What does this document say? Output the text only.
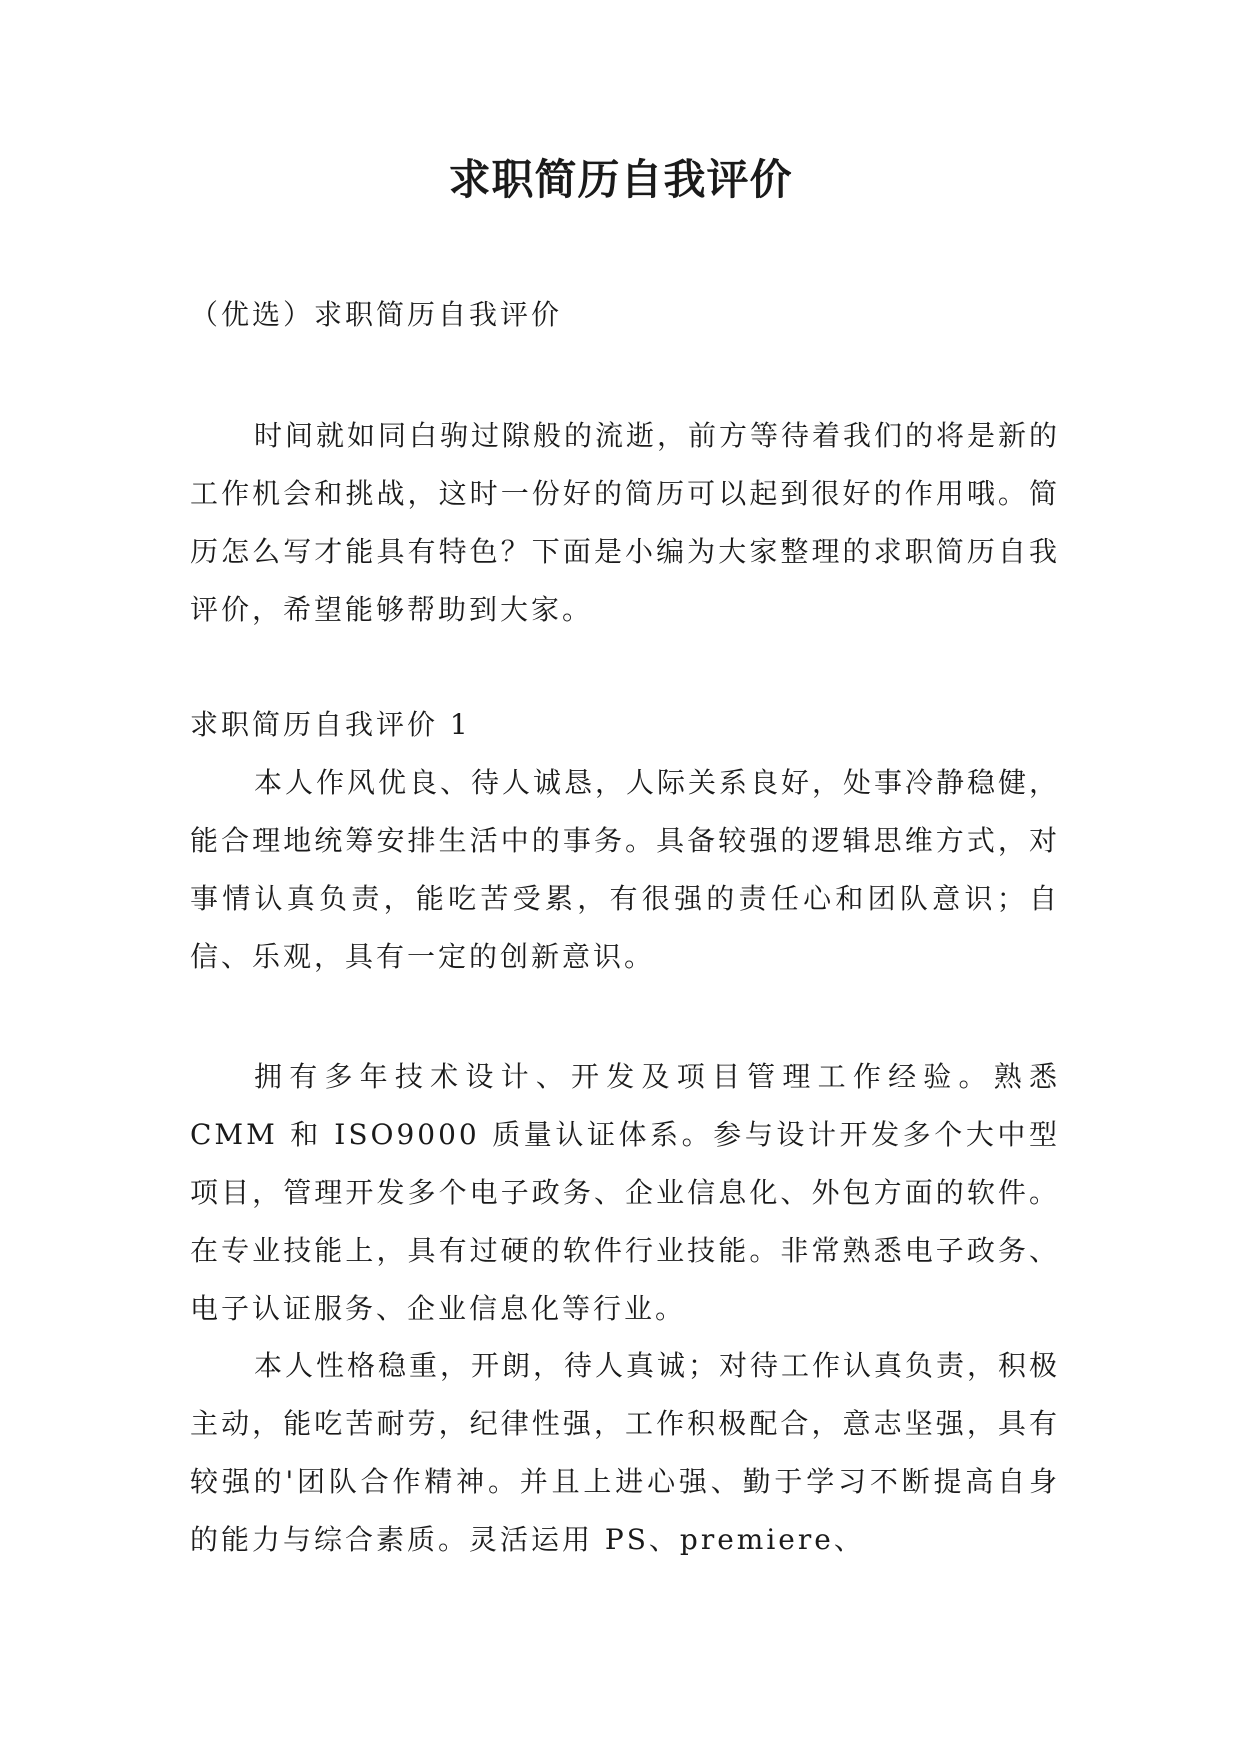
求职简历自我评价
（优选）求职简历自我评价

时间就如同白驹过隙般的流逝，前方等待着我们的将是新的工作机会和挑战，这时一份好的简历可以起到很好的作用哦。简历怎么写才能具有特色？下面是小编为大家整理的求职简历自我评价，希望能够帮助到大家。

求职简历自我评价 1

本人作风优良、待人诚恳，人际关系良好，处事冷静稳健，能合理地统筹安排生活中的事务。具备较强的逻辑思维方式，对事情认真负责，能吃苦受累，有很强的责任心和团队意识；自信、乐观，具有一定的创新意识。

拥有多年技术设计、开发及项目管理工作经验。熟悉 CMM 和 ISO9000 质量认证体系。参与设计开发多个大中型项目，管理开发多个电子政务、企业信息化、外包方面的软件。在专业技能上，具有过硬的软件行业技能。非常熟悉电子政务、电子认证服务、企业信息化等行业。

本人性格稳重，开朗，待人真诚；对待工作认真负责，积极主动，能吃苦耐劳，纪律性强，工作积极配合，意志坚强，具有较强的'团队合作精神。并且上进心强、勤于学习不断提高自身的能力与综合素质。灵活运用 PS、premiere、
